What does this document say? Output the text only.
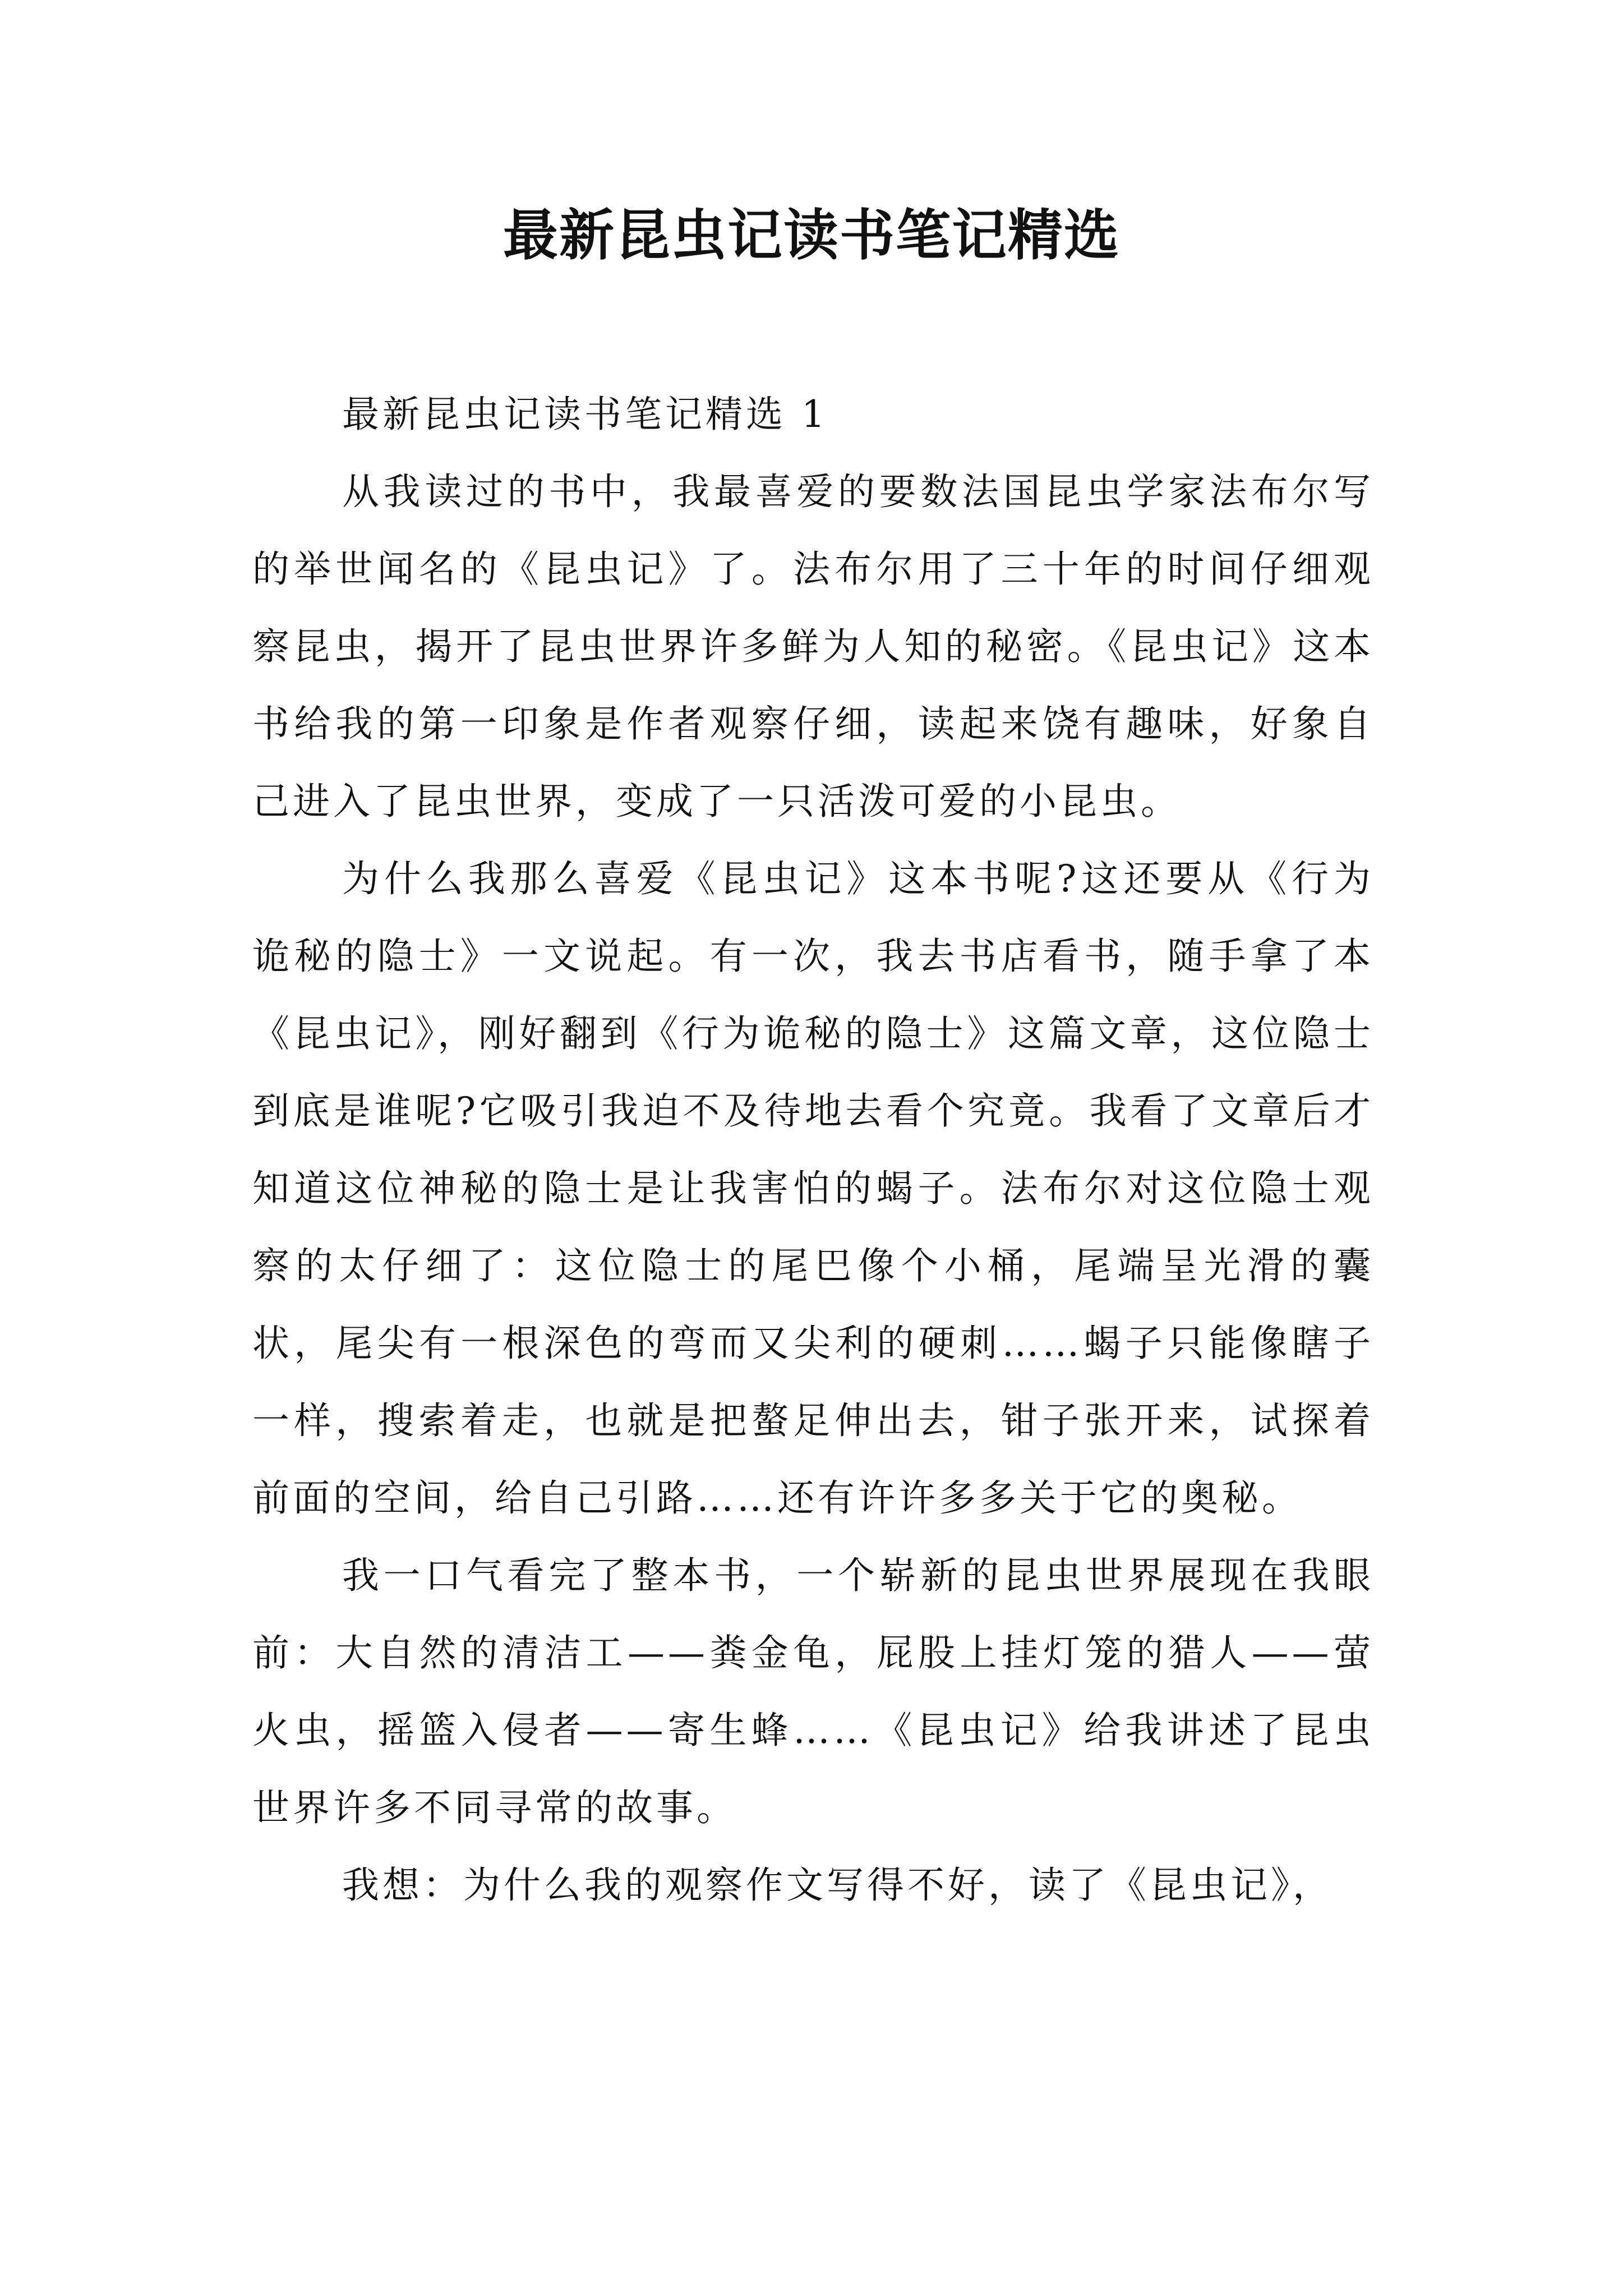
最新昆虫记读书笔记精选

最新昆虫记读书笔记精选 1

从我读过的书中，我最喜爱的要数法国昆虫学家法布尔写的举世闻名的《昆虫记》了。法布尔用了三十年的时间仔细观察昆虫，揭开了昆虫世界许多鲜为人知的秘密。《昆虫记》这本书给我的第一印象是作者观察仔细，读起来饶有趣味，好象自己进入了昆虫世界，变成了一只活泼可爱的小昆虫。

为什么我那么喜爱《昆虫记》这本书呢?这还要从《行为诡秘的隐士》一文说起。有一次，我去书店看书，随手拿了本《昆虫记》，刚好翻到《行为诡秘的隐士》这篇文章，这位隐士到底是谁呢?它吸引我迫不及待地去看个究竟。我看了文章后才知道这位神秘的隐士是让我害怕的蝎子。法布尔对这位隐士观察的太仔细了：这位隐士的尾巴像个小桶，尾端呈光滑的囊状，尾尖有一根深色的弯而又尖利的硬刺……蝎子只能像瞎子一样，搜索着走，也就是把螯足伸出去，钳子张开来，试探着前面的空间，给自己引路……还有许许多多关于它的奥秘。

我一口气看完了整本书，一个崭新的昆虫世界展现在我眼前：大自然的清洁工——粪金龟，屁股上挂灯笼的猎人——萤火虫，摇篮入侵者——寄生蜂……《昆虫记》给我讲述了昆虫世界许多不同寻常的故事。

我想：为什么我的观察作文写得不好，读了《昆虫记》，
